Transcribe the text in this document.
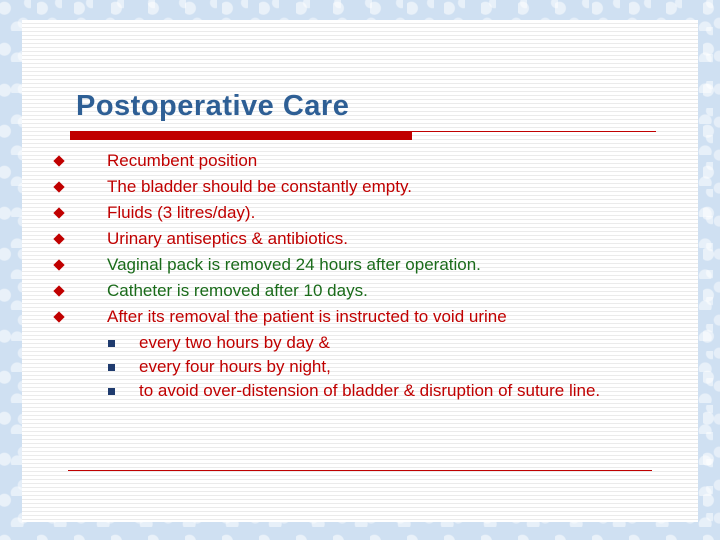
Postoperative Care
Recumbent position
The bladder should be constantly empty.
Fluids (3 litres/day).
Urinary antiseptics & antibiotics.
Vaginal pack is removed 24 hours after operation.
Catheter is removed after 10 days.
After its removal the patient is instructed to void urine
every two hours by day &
every four hours by night,
to avoid over-distension of bladder & disruption of suture line.
